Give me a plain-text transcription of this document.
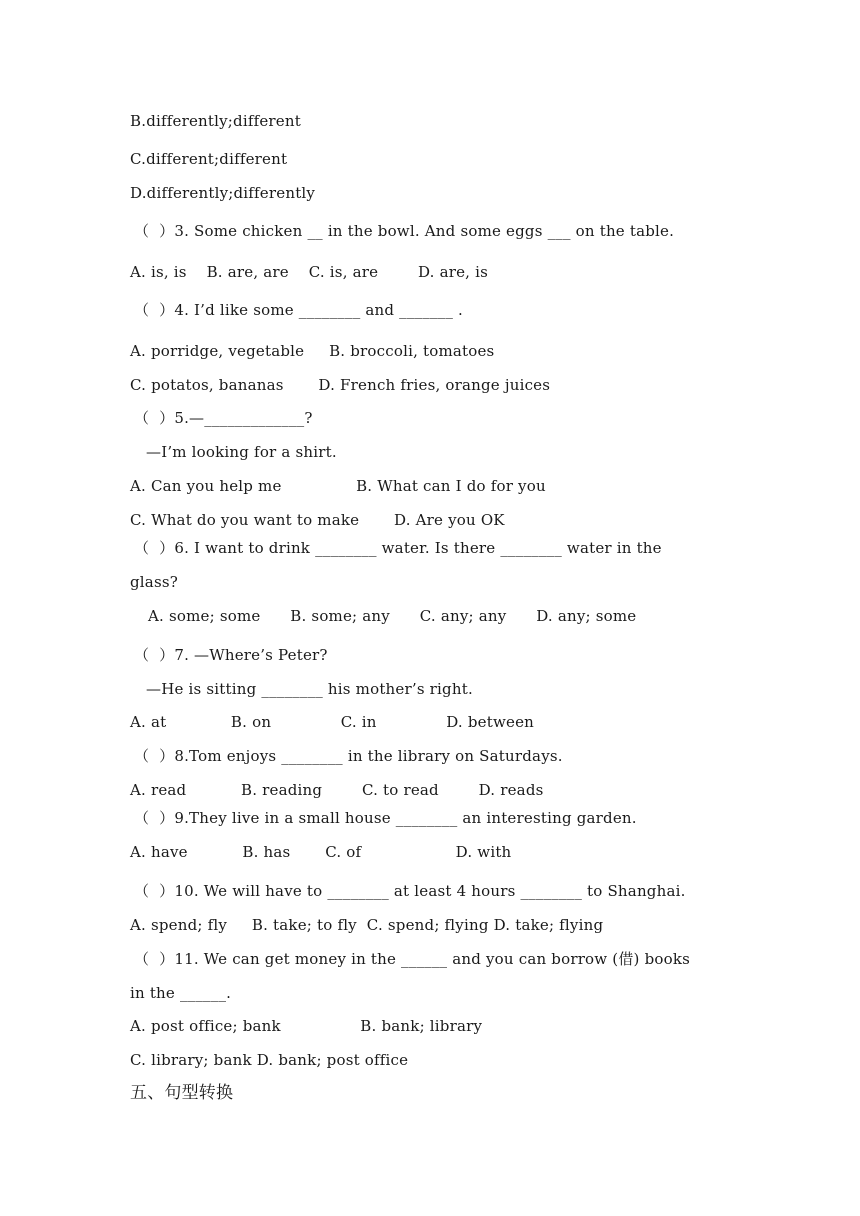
B.differently;different
C.different;different
D.differently;differently
（  ）3. Some chicken __ in the bowl. And some eggs ___ on the table.
A. is, is    B. are, are    C. is, are        D. are, is
（  ）4. I’d like some ________ and _______ .
A. porridge, vegetable     B. broccoli, tomatoes
C. potatos, bananas       D. French fries, orange juices
（  ）5.—_____________?
—I’m looking for a shirt.
A. Can you help me               B. What can I do for you
C. What do you want to make       D. Are you OK
（  ）6. I want to drink ________ water. Is there ________ water in the
glass?
A. some; some      B. some; any      C. any; any      D. any; some
（  ）7. —Where’s Peter?
—He is sitting ________ his mother’s right.
A. at             B. on              C. in              D. between
（  ）8.Tom enjoys ________ in the library on Saturdays.
A. read           B. reading        C. to read        D. reads
（  ）9.They live in a small house ________ an interesting garden.
A. have           B. has       C. of                   D. with
（  ）10. We will have to ________ at least 4 hours ________ to Shanghai.
A. spend; fly     B. take; to fly  C. spend; flying D. take; flying
（  ）11. We can get money in the ______ and you can borrow (借) books
in the ______.
A. post office; bank                B. bank; library
C. library; bank D. bank; post office
五、句型转换
